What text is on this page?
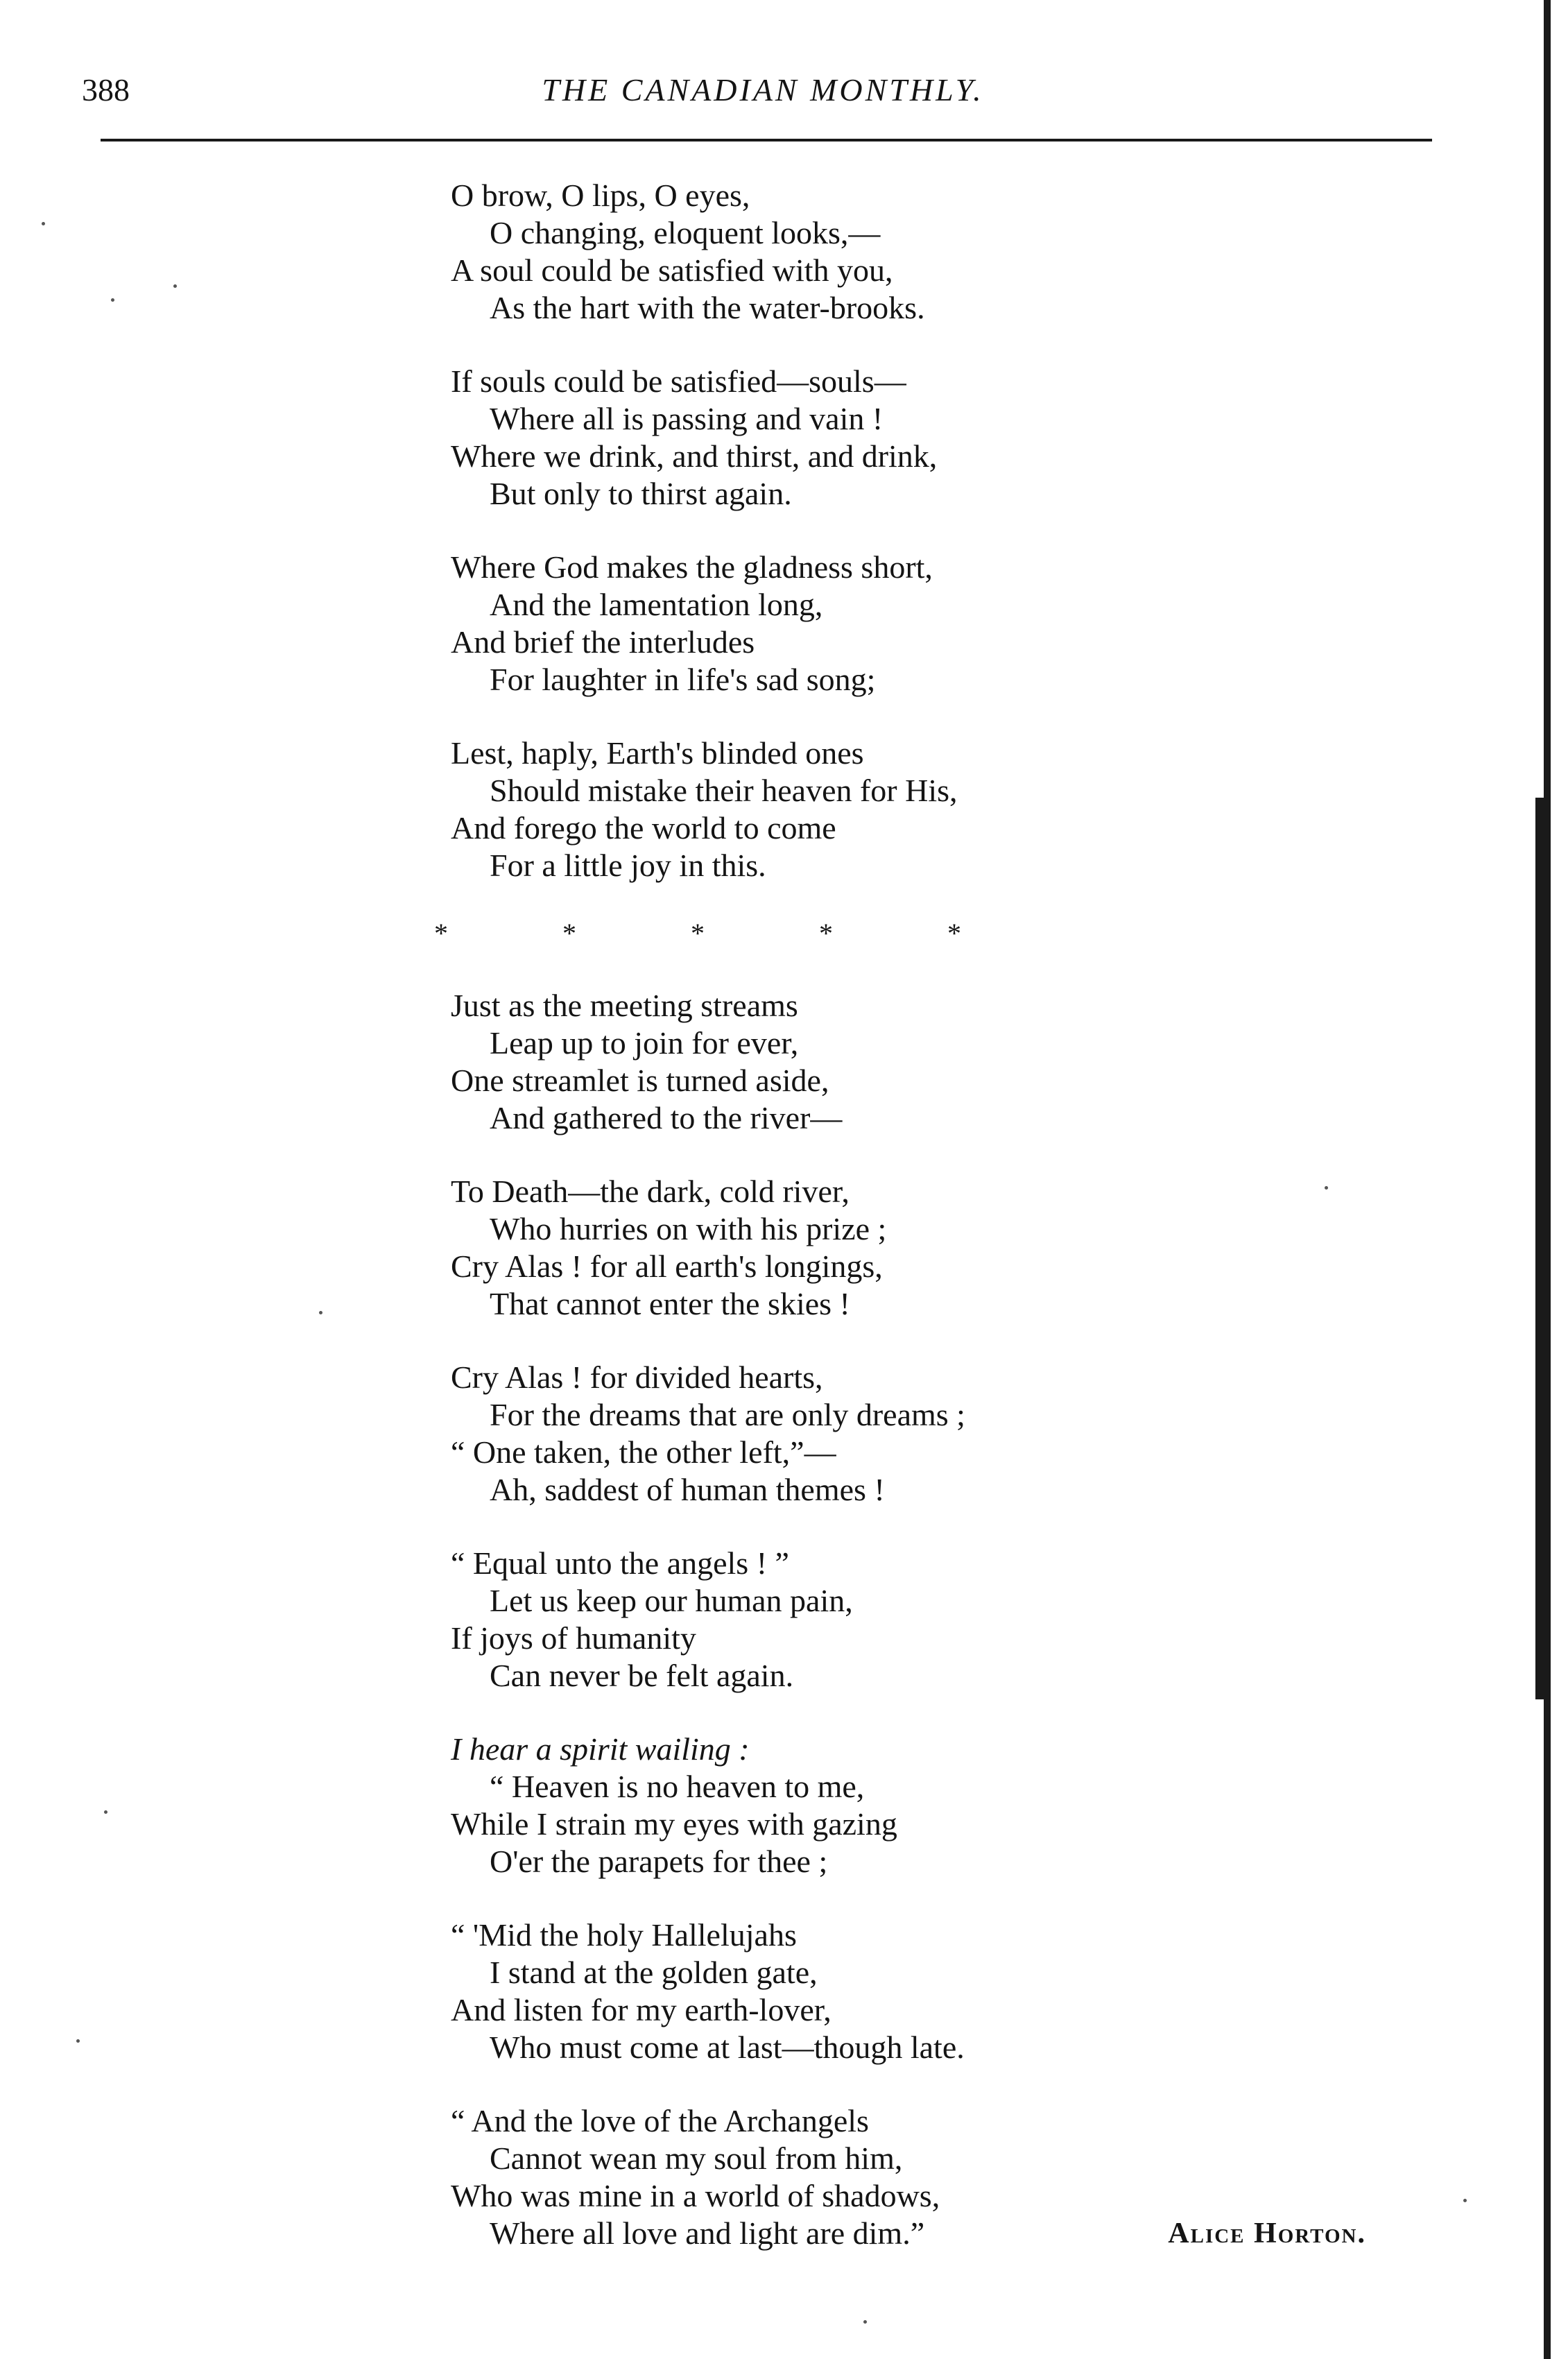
388	THE CANADIAN MONTHLY.
O brow, O lips, O eyes,
O changing, eloquent looks,—
A soul could be satisfied with you,
As the hart with the water-brooks.
If souls could be satisfied—souls—
Where all is passing and vain !
Where we drink, and thirst, and drink,
But only to thirst again.
Where God makes the gladness short,
And the lamentation long,
And brief the interludes
For laughter in life's sad song;
Lest, haply, Earth's blinded ones
Should mistake their heaven for His,
And forego the world to come
For a little joy in this.
*	*	*	*	*
Just as the meeting streams
Leap up to join for ever,
One streamlet is turned aside,
And gathered to the river—
To Death—the dark, cold river,
Who hurries on with his prize ;
Cry Alas ! for all earth's longings,
That cannot enter the skies !
Cry Alas ! for divided hearts,
For the dreams that are only dreams ;
“ One taken, the other left,”—
Ah, saddest of human themes !
“ Equal unto the angels ! ”
Let us keep our human pain,
If joys of humanity
Can never be felt again.
I hear a spirit wailing :
“ Heaven is no heaven to me,
While I strain my eyes with gazing
O'er the parapets for thee ;
“ 'Mid the holy Hallelujahs
I stand at the golden gate,
And listen for my earth-lover,
Who must come at last—though late.
“ And the love of the Archangels
Cannot wean my soul from him,
Who was mine in a world of shadows,
Where all love and light are dim.”	Alice Horton.
